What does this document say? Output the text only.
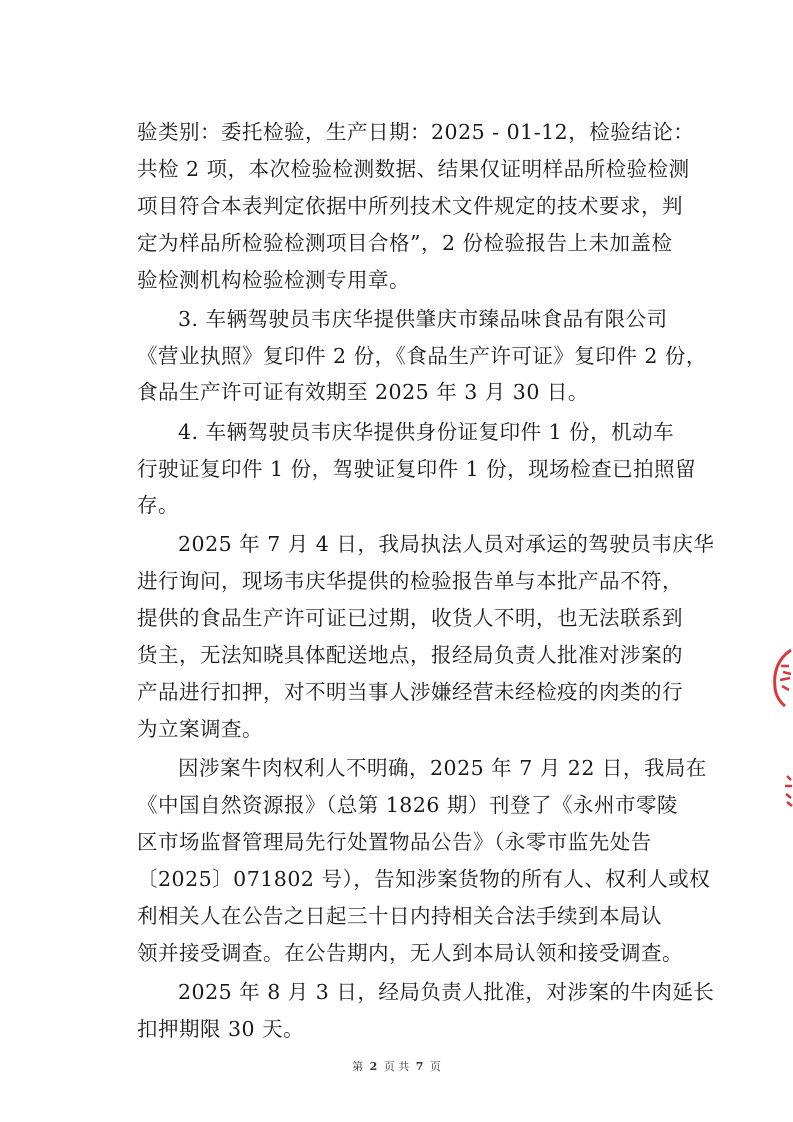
验类别：委托检验，生产日期：2025 - 01-12，检验结论：
共检 2 项，本次检验检测数据、结果仅证明样品所检验检测
项目符合本表判定依据中所列技术文件规定的技术要求，判
定为样品所检验检测项目合格”，2 份检验报告上未加盖检
验检测机构检验检测专用章。
3. 车辆驾驶员韦庆华提供肇庆市臻品味食品有限公司
《营业执照》复印件 2 份，《食品生产许可证》复印件 2 份，
食品生产许可证有效期至 2025 年 3 月 30 日。
4. 车辆驾驶员韦庆华提供身份证复印件 1 份，机动车
行驶证复印件 1 份，驾驶证复印件 1 份，现场检查已拍照留
存。
2025 年 7 月 4 日，我局执法人员对承运的驾驶员韦庆华
进行询问，现场韦庆华提供的检验报告单与本批产品不符，
提供的食品生产许可证已过期，收货人不明，也无法联系到
货主，无法知晓具体配送地点，报经局负责人批准对涉案的
产品进行扣押，对不明当事人涉嫌经营未经检疫的肉类的行
为立案调查。
因涉案牛肉权利人不明确，2025 年 7 月 22 日，我局在
《中国自然资源报》（总第 1826 期）刊登了《永州市零陵
区市场监督管理局先行处置物品公告》（永零市监先处告
〔2025〕071802 号），告知涉案货物的所有人、权利人或权
利相关人在公告之日起三十日内持相关合法手续到本局认
领并接受调查。在公告期内，无人到本局认领和接受调查。
2025 年 8 月 3 日，经局负责人批准，对涉案的牛肉延长
扣押期限 30 天。
第 2 页 共 7 页
